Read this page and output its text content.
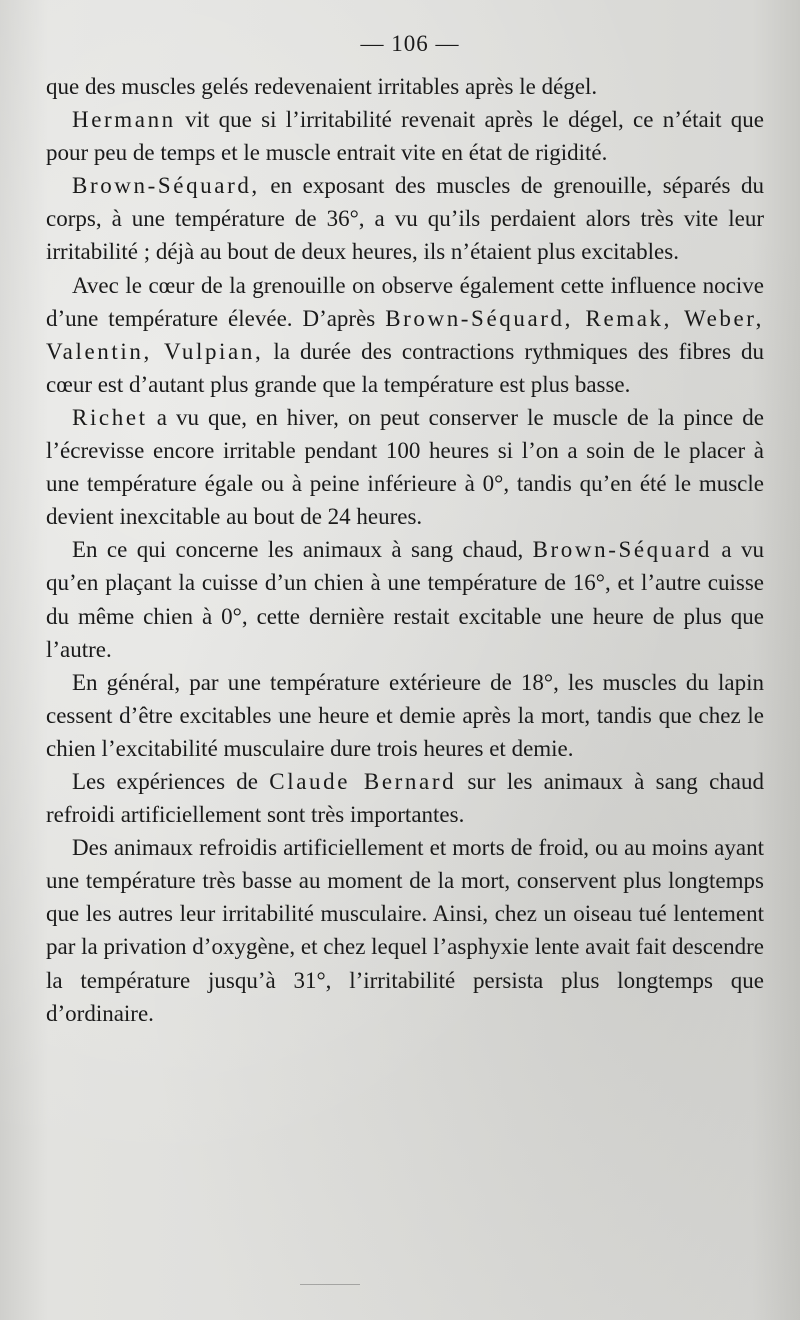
— 106 —

que des muscles gelés redevenaient irritables après le dégel.

Hermann vit que si l’irritabilité revenait après le dégel, ce n’était que pour peu de temps et le muscle entrait vite en état de rigidité.

Brown-Séquard, en exposant des muscles de grenouille, séparés du corps, à une température de 36°, a vu qu’ils perdaient alors très vite leur irritabilité ; déjà au bout de deux heures, ils n’étaient plus excitables.

Avec le cœur de la grenouille on observe également cette influence nocive d’une température élevée. D’après Brown-Séquard, Remak, Weber, Valentin, Vulpian, la durée des contractions rythmiques des fibres du cœur est d’autant plus grande que la température est plus basse.

Richet a vu que, en hiver, on peut conserver le muscle de la pince de l’écrevisse encore irritable pendant 100 heures si l’on a soin de le placer à une température égale ou à peine inférieure à 0°, tandis qu’en été le muscle devient inexcitable au bout de 24 heures.

En ce qui concerne les animaux à sang chaud, Brown-Séquard a vu qu’en plaçant la cuisse d’un chien à une température de 16°, et l’autre cuisse du même chien à 0°, cette dernière restait excitable une heure de plus que l’autre.

En général, par une température extérieure de 18°, les muscles du lapin cessent d’être excitables une heure et demie après la mort, tandis que chez le chien l’excitabilité musculaire dure trois heures et demie.

Les expériences de Claude Bernard sur les animaux à sang chaud refroidi artificiellement sont très importantes.

Des animaux refroidis artificiellement et morts de froid, ou au moins ayant une température très basse au moment de la mort, conservent plus longtemps que les autres leur irritabilité musculaire. Ainsi, chez un oiseau tué lentement par la privation d’oxygène, et chez lequel l’asphyxie lente avait fait descendre la température jusqu’à 31°, l’irritabilité persista plus longtemps que d’ordinaire.
